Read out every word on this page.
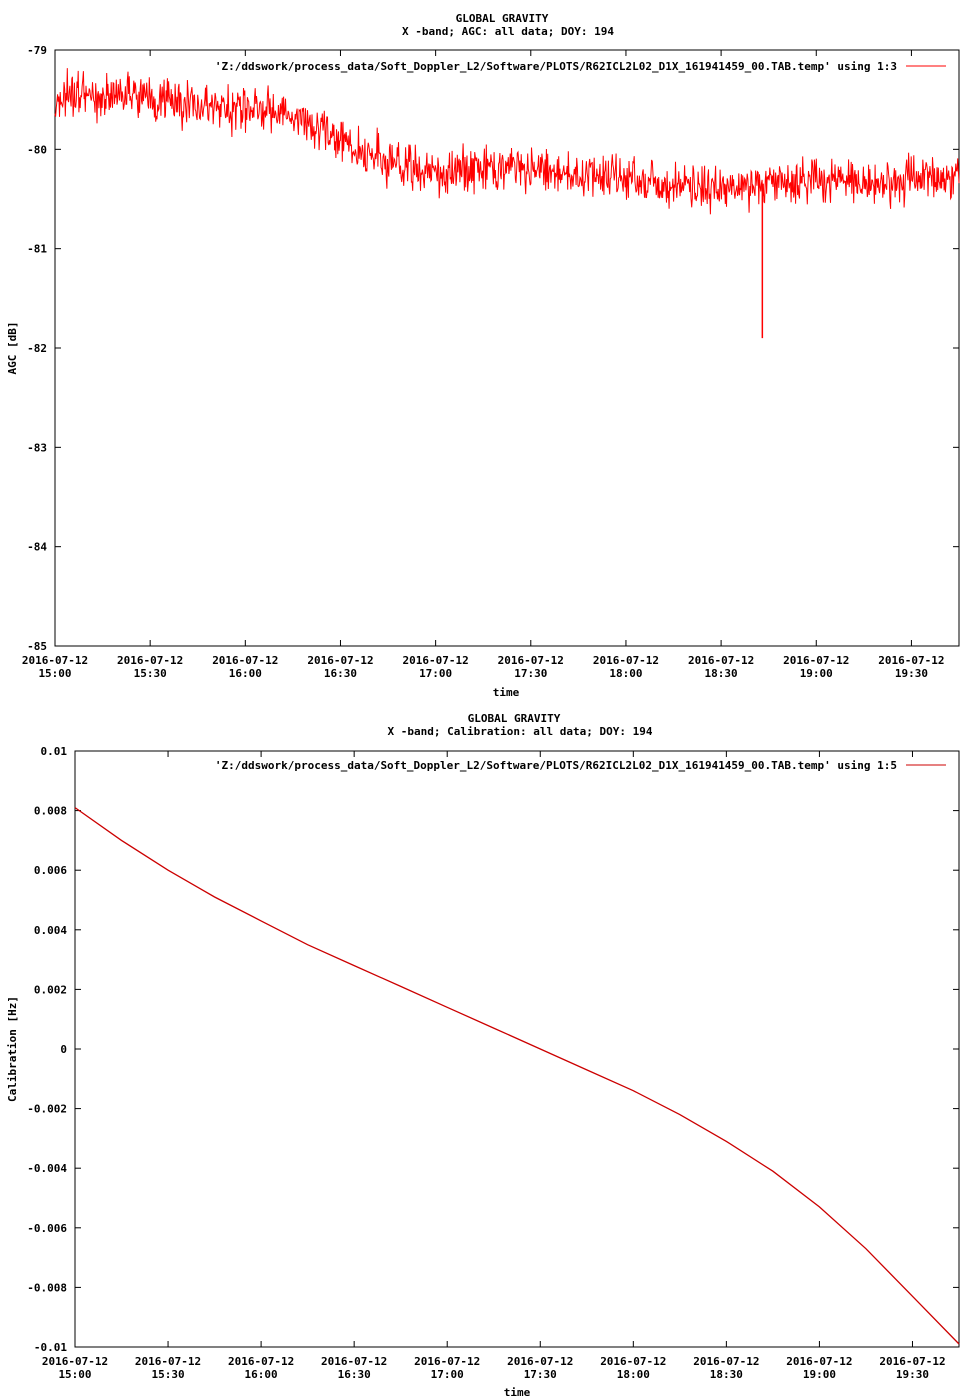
GLOBAL GRAVITY
X -band; AGC: all data; DOY: 194
-79
-80
-81
-82
-83
-84
-85
2016-07-12
15:00
2016-07-12
15:30
2016-07-12
16:00
2016-07-12
16:30
2016-07-12
17:00
2016-07-12
17:30
2016-07-12
18:00
2016-07-12
18:30
2016-07-12
19:00
2016-07-12
19:30
AGC [dB]
time
'Z:/ddswork/process_data/Soft_Doppler_L2/Software/PLOTS/R62ICL2L02_D1X_161941459_00.TAB.temp' using 1:3
GLOBAL GRAVITY
X -band; Calibration: all data; DOY: 194
0.01
0.008
0.006
0.004
0.002
0
-0.002
-0.004
-0.006
-0.008
-0.01
2016-07-12
15:00
2016-07-12
15:30
2016-07-12
16:00
2016-07-12
16:30
2016-07-12
17:00
2016-07-12
17:30
2016-07-12
18:00
2016-07-12
18:30
2016-07-12
19:00
2016-07-12
19:30
Calibration [Hz]
time
'Z:/ddswork/process_data/Soft_Doppler_L2/Software/PLOTS/R62ICL2L02_D1X_161941459_00.TAB.temp' using 1:5
